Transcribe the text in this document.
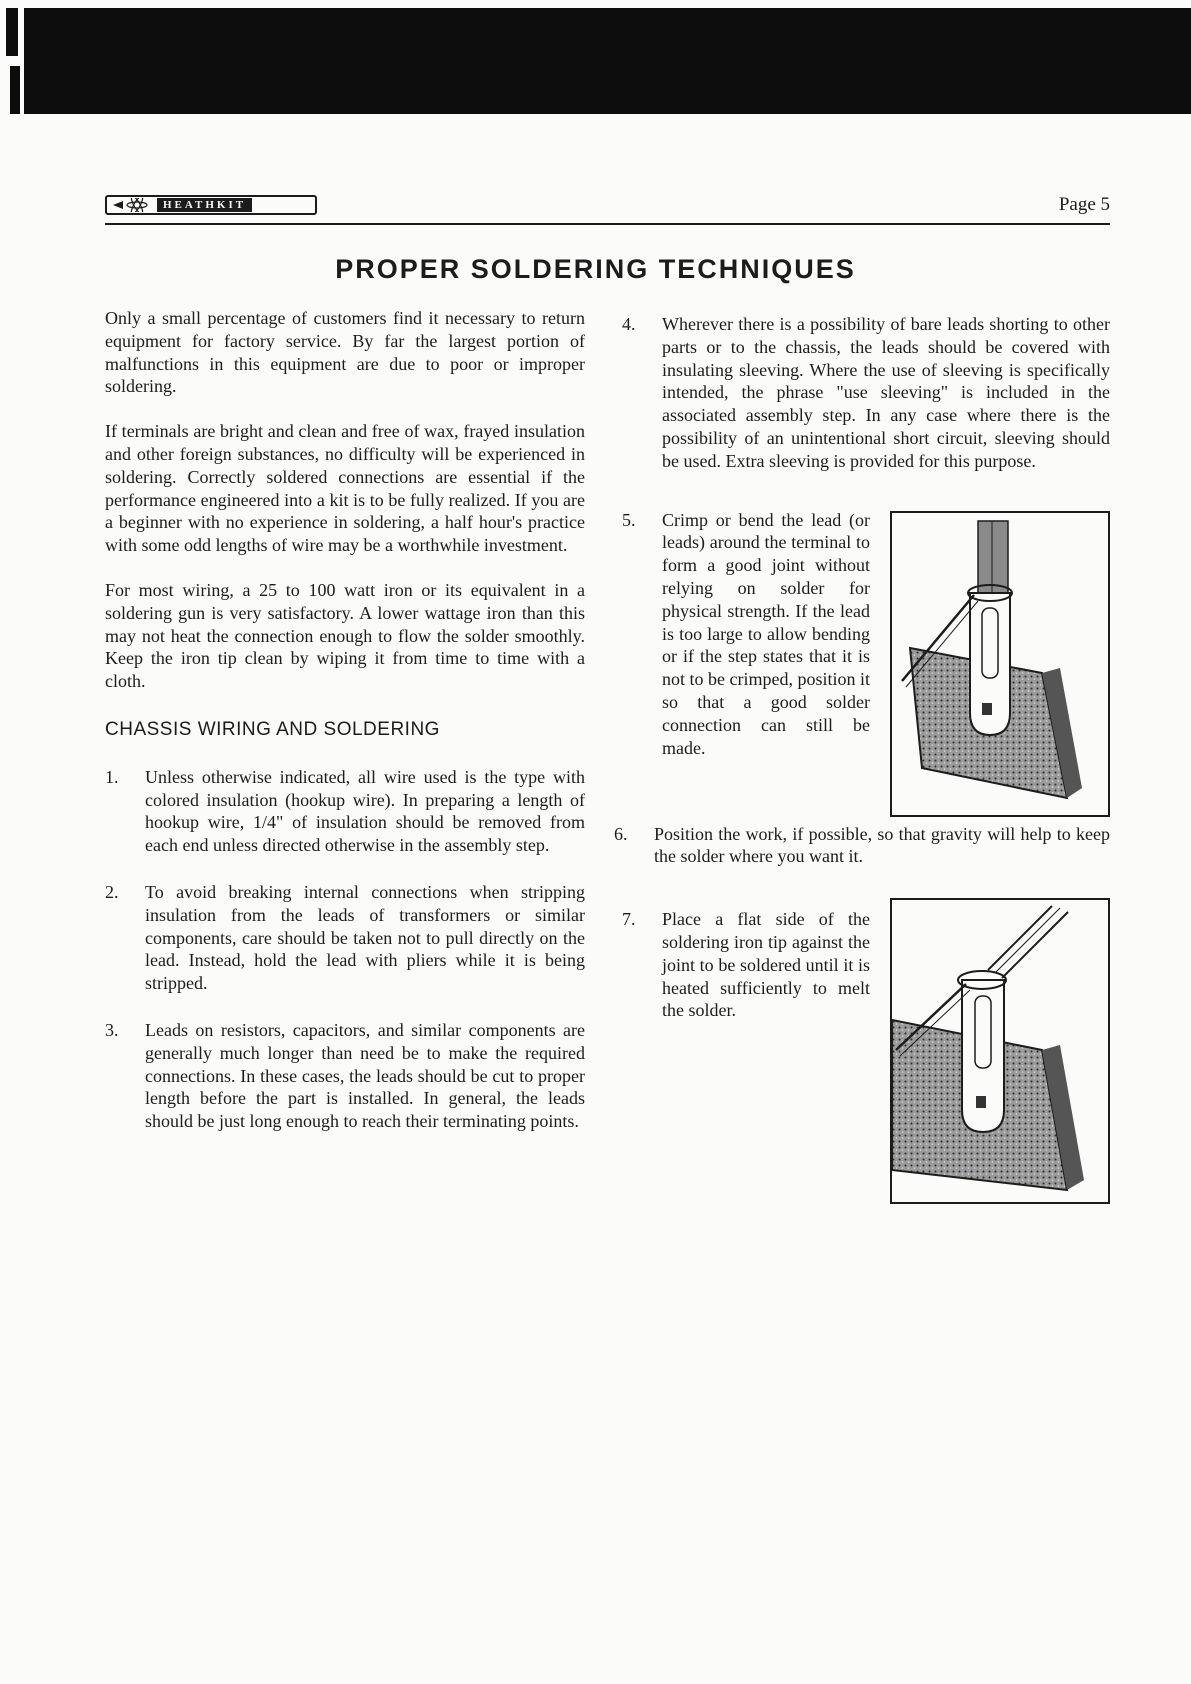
HEATHKIT	Page 5
PROPER SOLDERING TECHNIQUES

Only a small percentage of customers find it necessary to return equipment for factory service. By far the largest portion of malfunctions in this equipment are due to poor or improper soldering.

If terminals are bright and clean and free of wax, frayed insulation and other foreign substances, no difficulty will be experienced in soldering. Correctly soldered connections are essential if the performance engineered into a kit is to be fully realized. If you are a beginner with no experience in soldering, a half hour's practice with some odd lengths of wire may be a worthwhile investment.

For most wiring, a 25 to 100 watt iron or its equivalent in a soldering gun is very satisfactory. A lower wattage iron than this may not heat the connection enough to flow the solder smoothly. Keep the iron tip clean by wiping it from time to time with a cloth.

CHASSIS WIRING AND SOLDERING
1.	Unless otherwise indicated, all wire used is the type with colored insulation (hookup wire). In preparing a length of hookup wire, 1/4" of insulation should be removed from each end unless directed otherwise in the assembly step.
2.	To avoid breaking internal connections when stripping insulation from the leads of transformers or similar components, care should be taken not to pull directly on the lead. Instead, hold the lead with pliers while it is being stripped.
3.	Leads on resistors, capacitors, and similar components are generally much longer than need be to make the required connections. In these cases, the leads should be cut to proper length before the part is installed. In general, the leads should be just long enough to reach their terminating points.
4.	Wherever there is a possibility of bare leads shorting to other parts or to the chassis, the leads should be covered with insulating sleeving. Where the use of sleeving is specifically intended, the phrase "use sleeving" is included in the associated assembly step. In any case where there is the possibility of an unintentional short circuit, sleeving should be used. Extra sleeving is provided for this purpose.
5.	Crimp or bend the lead (or leads) around the terminal to form a good joint without relying on solder for physical strength. If the lead is too large to allow bending or if the step states that it is not to be crimped, position it so that a good solder connection can still be made.
6.	Position the work, if possible, so that gravity will help to keep the solder where you want it.
7.	Place a flat side of the soldering iron tip against the joint to be soldered until it is heated sufficiently to melt the solder.
